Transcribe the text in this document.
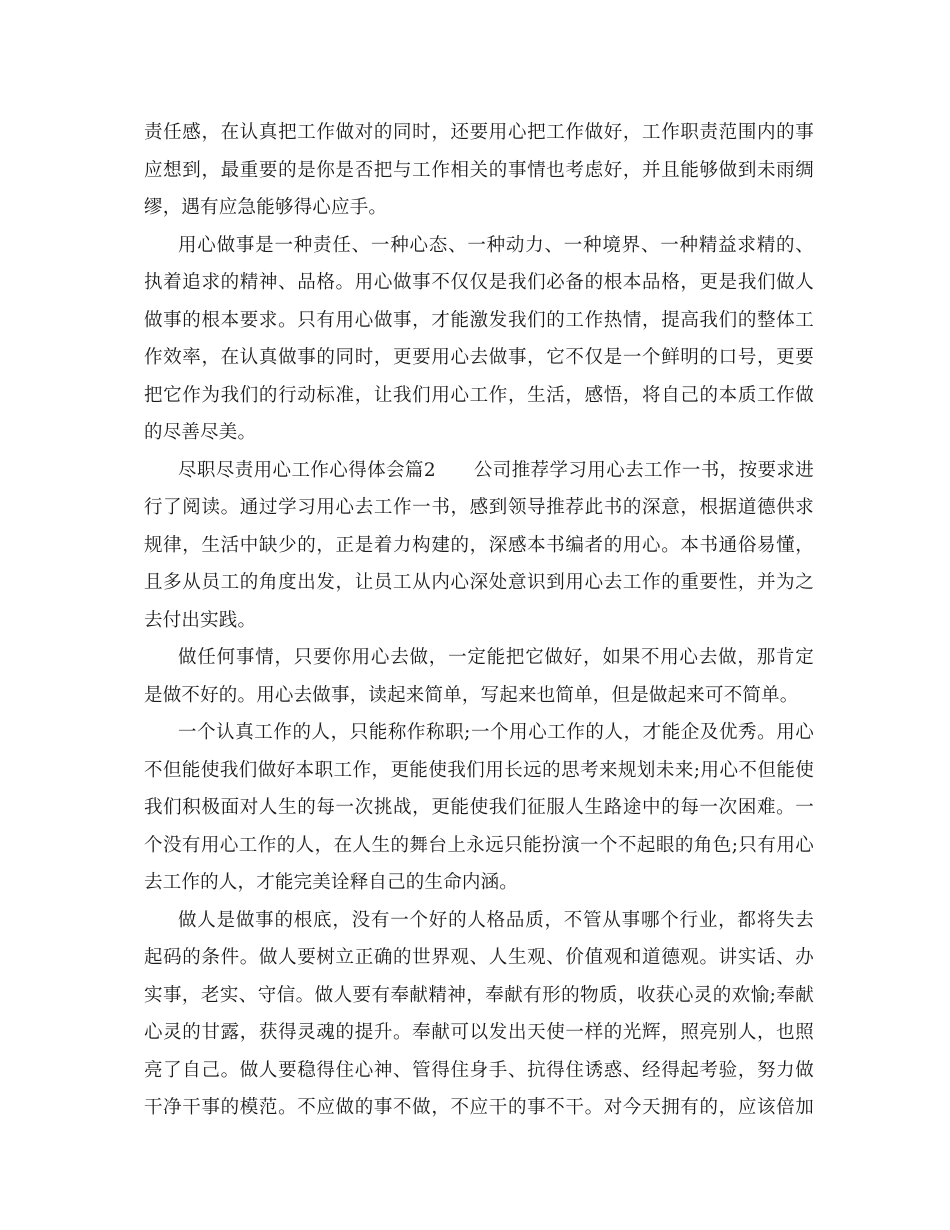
责任感，在认真把工作做对的同时，还要用心把工作做好，工作职责范围内的事
应想到，最重要的是你是否把与工作相关的事情也考虑好，并且能够做到未雨绸
缪，遇有应急能够得心应手。
用心做事是一种责任、一种心态、一种动力、一种境界、一种精益求精的、
执着追求的精神、品格。用心做事不仅仅是我们必备的根本品格，更是我们做人
做事的根本要求。只有用心做事，才能激发我们的工作热情，提高我们的整体工
作效率，在认真做事的同时，更要用心去做事，它不仅是一个鲜明的口号，更要
把它作为我们的行动标准，让我们用心工作，生活，感悟，将自己的本质工作做
的尽善尽美。
尽职尽责用心工作心得体会篇2　　公司推荐学习用心去工作一书，按要求进
行了阅读。通过学习用心去工作一书，感到领导推荐此书的深意，根据道德供求
规律，生活中缺少的，正是着力构建的，深感本书编者的用心。本书通俗易懂，
且多从员工的角度出发，让员工从内心深处意识到用心去工作的重要性，并为之
去付出实践。
做任何事情，只要你用心去做，一定能把它做好，如果不用心去做，那肯定
是做不好的。用心去做事，读起来简单，写起来也简单，但是做起来可不简单。
一个认真工作的人，只能称作称职;一个用心工作的人，才能企及优秀。用心
不但能使我们做好本职工作，更能使我们用长远的思考来规划未来;用心不但能使
我们积极面对人生的每一次挑战，更能使我们征服人生路途中的每一次困难。一
个没有用心工作的人，在人生的舞台上永远只能扮演一个不起眼的角色;只有用心
去工作的人，才能完美诠释自己的生命内涵。
做人是做事的根底，没有一个好的人格品质，不管从事哪个行业，都将失去
起码的条件。做人要树立正确的世界观、人生观、价值观和道德观。讲实话、办
实事，老实、守信。做人要有奉献精神，奉献有形的物质，收获心灵的欢愉;奉献
心灵的甘露，获得灵魂的提升。奉献可以发出天使一样的光辉，照亮别人，也照
亮了自己。做人要稳得住心神、管得住身手、抗得住诱惑、经得起考验，努力做
干净干事的模范。不应做的事不做，不应干的事不干。对今天拥有的，应该倍加
